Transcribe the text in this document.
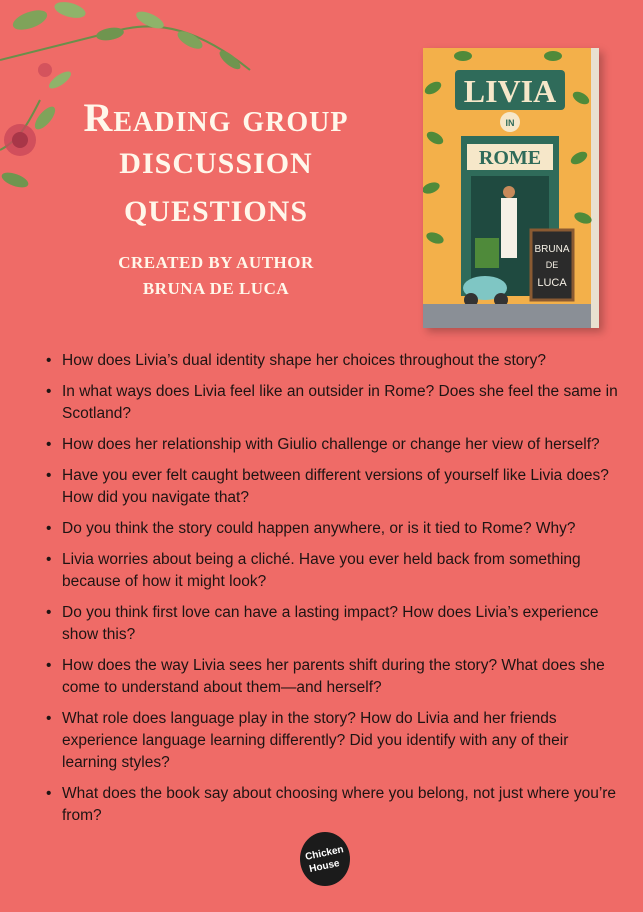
Reading group
DISCUSSION QUESTIONS
CREATED BY AUTHOR
BRUNA DE LUCA
LIVIA
IN
ROME
BRUNA
DE
LUCA
• How does Livia’s dual identity shape her choices throughout the story?
• In what ways does Livia feel like an outsider in Rome? Does she feel the same in Scotland?
• How does her relationship with Giulio challenge or change her view of herself?
• Have you ever felt caught between different versions of yourself like Livia does? How did you navigate that?
• Do you think the story could happen anywhere, or is it tied to Rome? Why?
• Livia worries about being a cliché. Have you ever held back from something because of how it might look?
• Do you think first love can have a lasting impact? How does Livia’s experience show this?
• How does the way Livia sees her parents shift during the story? What does she come to understand about them—and herself?
• What role does language play in the story? How do Livia and her friends experience language learning differently? Did you identify with any of their learning styles?
• What does the book say about choosing where you belong, not just where you’re from?
Chicken
House
